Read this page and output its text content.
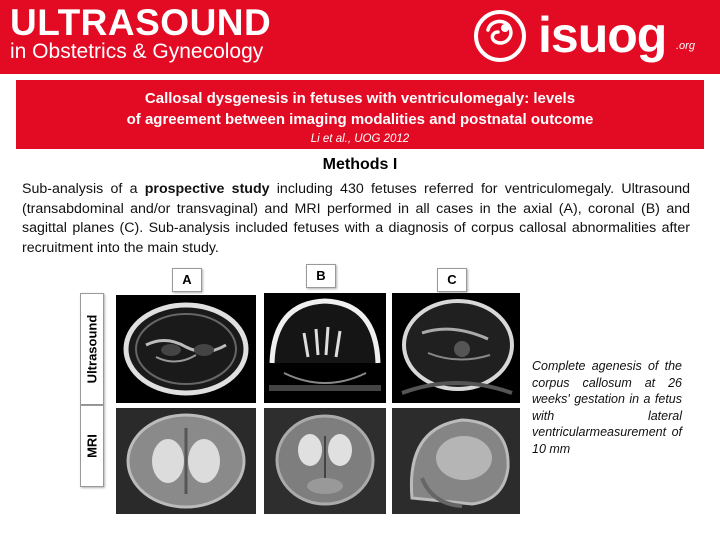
ULTRASOUND
in Obstetrics & Gynecology	isuog .org
Callosal dysgenesis in fetuses with ventriculomegaly: levels
of agreement between imaging modalities and postnatal outcome
Li et al., UOG 2012
Methods I
Sub-analysis of a prospective study including 430 fetuses referred for ventriculomegaly. Ultrasound (transabdominal and/or transvaginal) and MRI performed in all cases in the axial (A), coronal (B) and sagittal planes (C). Sub-analysis included fetuses with a diagnosis of corpus callosal abnormalities after recruitment into the main study.
A	B	C
Ultrasound
MRI
Complete agenesis of the corpus callosum at 26 weeks' gestation in a fetus with lateral ventricularmeasurement of 10 mm
